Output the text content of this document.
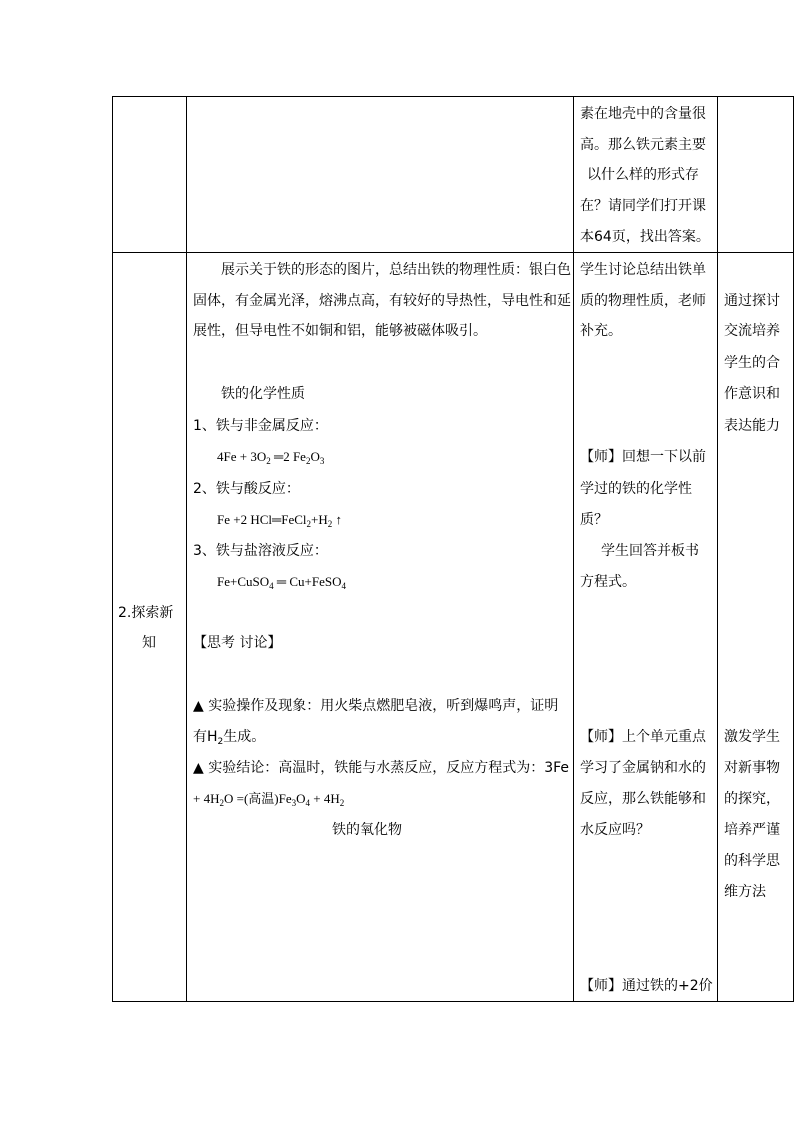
素在地壳中的含量很
高。那么铁元素主要
以什么样的形式存
在？请同学们打开课
本64页，找出答案。
2.探索新
知
展示关于铁的形态的图片，总结出铁的物理性质：银白色
固体，有金属光泽，熔沸点高，有较好的导热性，导电性和延
展性，但导电性不如铜和铝，能够被磁体吸引。
铁的化学性质
1、铁与非金属反应：
$4Fe + 3O_2$ ═2 $Fe_2O_3$
2、铁与酸反应：
Fe +2 $HCl═FeCl_2+H_2$ ↑
3、铁与盐溶液反应：
Fe+CuSO$_4$ ═ Cu+FeSO$_4$
【思考 讨论】
▲ 实验操作及现象：用火柴点燃肥皂液，听到爆鸣声，证明
有$H_2$生成。
▲ 实验结论：高温时，铁能与水蒸反应，反应方程式为：3Fe
+ $4H_2O$ =(高温)$Fe_3O_4 + 4H_2$
铁的氧化物
学生讨论总结出铁单
质的物理性质，老师
补充。
【师】回想一下以前
学过的铁的化学性
质？
学生回答并板书
方程式。
【师】上个单元重点
学习了金属钠和水的
反应，那么铁能够和
水反应吗？
【师】通过铁的+2价
通过探讨
交流培养
学生的合
作意识和
表达能力
激发学生
对新事物
的探究，
培养严谨
的科学思
维方法
